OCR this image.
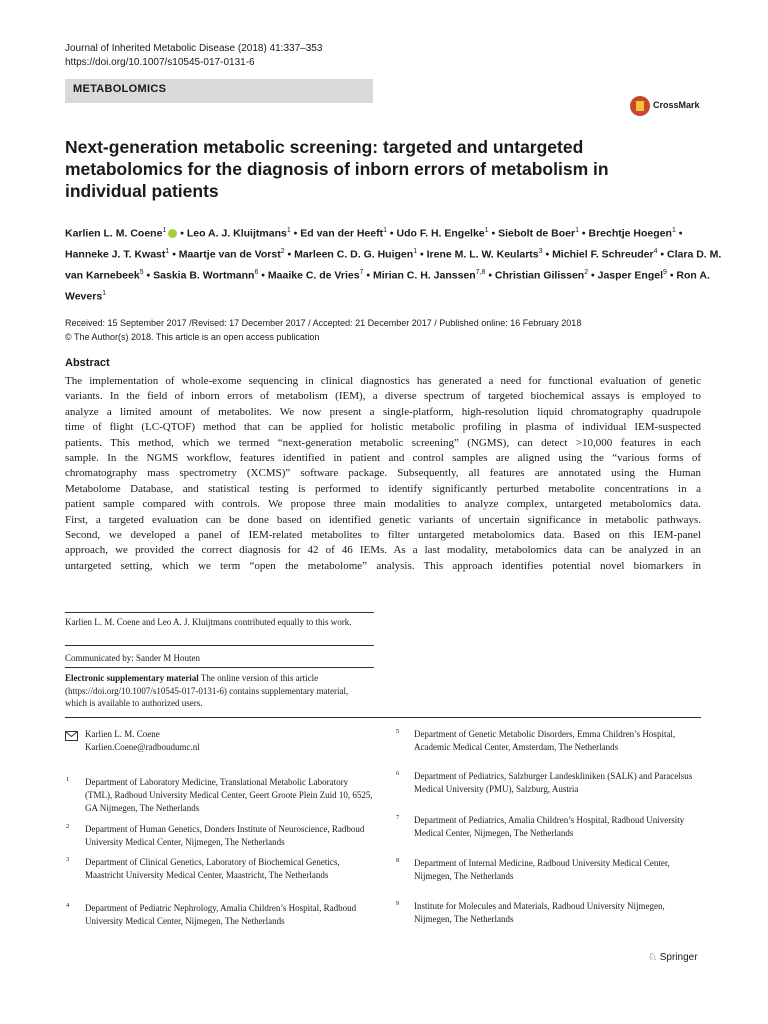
Journal of Inherited Metabolic Disease (2018) 41:337–353
https://doi.org/10.1007/s10545-017-0131-6
METABOLOMICS
CrossMark
Next-generation metabolic screening: targeted and untargeted metabolomics for the diagnosis of inborn errors of metabolism in individual patients
Karlien L. M. Coene$^1$ • Leo A. J. Kluijtmans$^1$ • Ed van der Heeft$^1$ • Udo F. H. Engelke$^1$ • Siebolt de Boer$^1$ • Brechtje Hoegen$^1$ • Hanneke J. T. Kwast$^1$ • Maartje van de Vorst$^2$ • Marleen C. D. G. Huigen$^1$ • Irene M. L. W. Keularts$^3$ • Michiel F. Schreuder$^4$ • Clara D. M. van Karnebeek$^5$ • Saskia B. Wortmann$^6$ • Maaike C. de Vries$^7$ • Mirian C. H. Janssen$^{7,8}$ • Christian Gilissen$^2$ • Jasper Engel$^9$ • Ron A. Wevers$^1$
Received: 15 September 2017 /Revised: 17 December 2017 / Accepted: 21 December 2017 / Published online: 16 February 2018
© The Author(s) 2018. This article is an open access publication
Abstract
The implementation of whole-exome sequencing in clinical diagnostics has generated a need for functional evaluation of genetic
variants. In the field of inborn errors of metabolism (IEM), a diverse spectrum of targeted biochemical assays is employed to
analyze a limited amount of metabolites. We now present a single-platform, high-resolution liquid chromatography quadrupole
time of flight (LC-QTOF) method that can be applied for holistic metabolic profiling in plasma of individual IEM-suspected
patients. This method, which we termed “next-generation metabolic screening” (NGMS), can detect >10,000 features in each
sample. In the NGMS workflow, features identified in patient and control samples are aligned using the “various forms of
chromatography mass spectrometry (XCMS)” software package. Subsequently, all features are annotated using the Human
Metabolome Database, and statistical testing is performed to identify significantly perturbed metabolite concentrations in a
patient sample compared with controls. We propose three main modalities to analyze complex, untargeted metabolomics data.
First, a targeted evaluation can be done based on identified genetic variants of uncertain significance in metabolic pathways.
Second, we developed a panel of IEM-related metabolites to filter untargeted metabolomics data. Based on this IEM-panel
approach, we provided the correct diagnosis for 42 of 46 IEMs. As a last modality, metabolomics data can be analyzed in an
untargeted setting, which we term “open the metabolome” analysis. This approach identifies potential novel biomarkers in
Karlien L. M. Coene and Leo A. J. Kluijtmans contributed equally to this work.
Communicated by: Sander M Houten
Electronic supplementary material The online version of this article (https://doi.org/10.1007/s10545-017-0131-6) contains supplementary material, which is available to authorized users.
Karlien L. M. Coene
Karlien.Coene@radboudumc.nl
1 Department of Laboratory Medicine, Translational Metabolic Laboratory (TML), Radboud University Medical Center, Geert Groote Plein Zuid 10, 6525, GA Nijmegen, The Netherlands
2 Department of Human Genetics, Donders Institute of Neuroscience, Radboud University Medical Center, Nijmegen, The Netherlands
3 Department of Clinical Genetics, Laboratory of Biochemical Genetics, Maastricht University Medical Center, Maastricht, The Netherlands
4 Department of Pediatric Nephrology, Amalia Children’s Hospital, Radboud University Medical Center, Nijmegen, The Netherlands
5 Department of Genetic Metabolic Disorders, Emma Children’s Hospital, Academic Medical Center, Amsterdam, The Netherlands
6 Department of Pediatrics, Salzburger Landeskliniken (SALK) and Paracelsus Medical University (PMU), Salzburg, Austria
7 Department of Pediatrics, Amalia Children’s Hospital, Radboud University Medical Center, Nijmegen, The Netherlands
8 Department of Internal Medicine, Radboud University Medical Center, Nijmegen, The Netherlands
9 Institute for Molecules and Materials, Radboud University Nijmegen, Nijmegen, The Netherlands
♘ Springer
